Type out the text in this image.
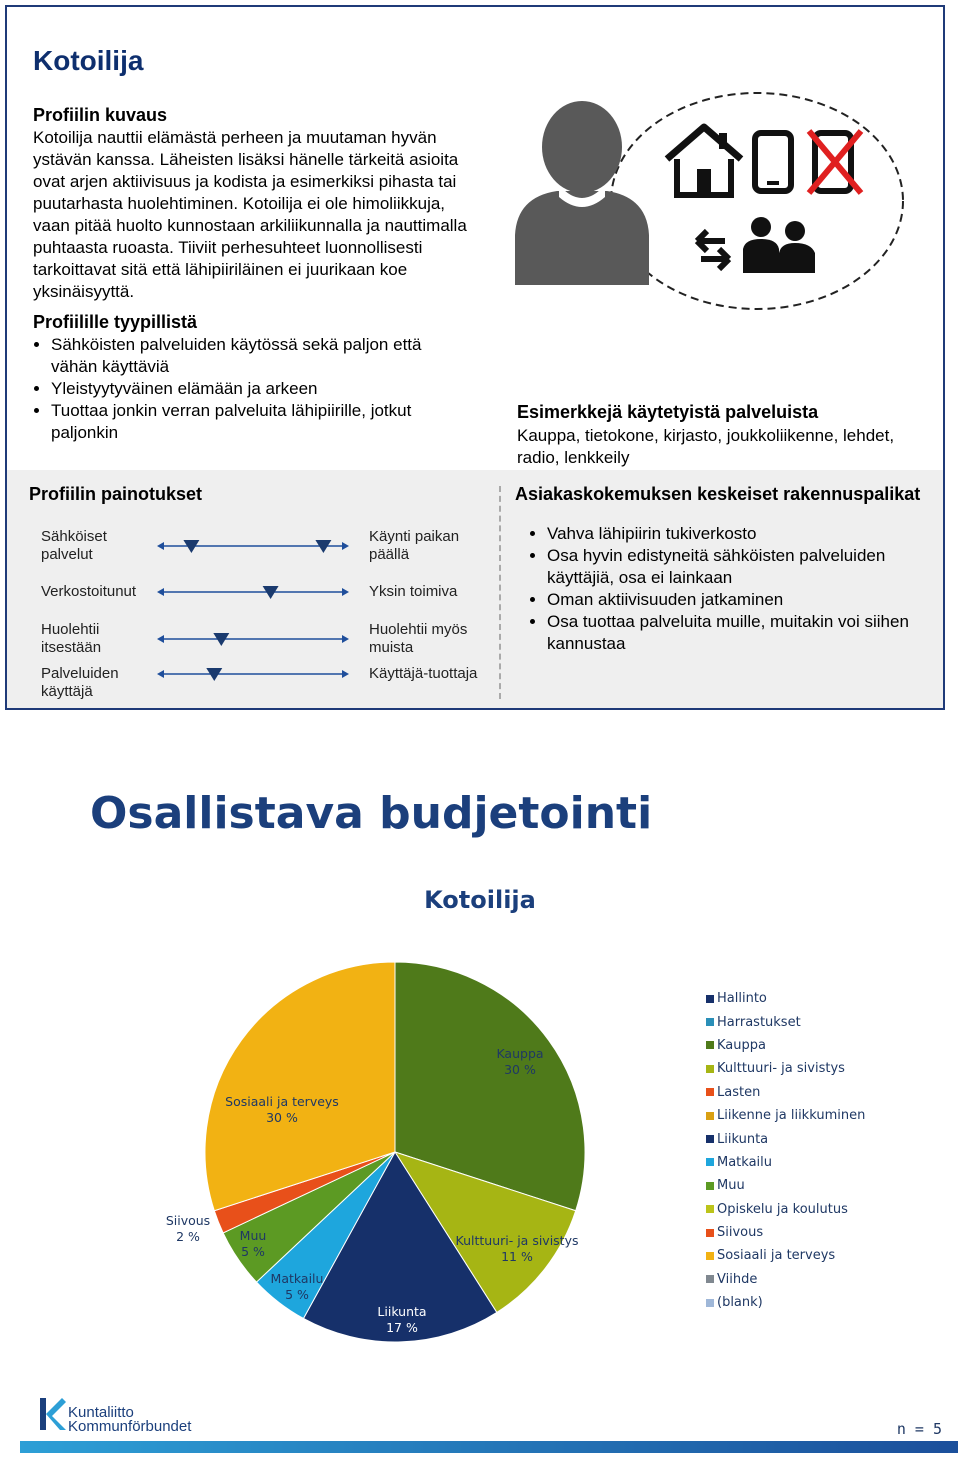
Kotoilija
Profiilin kuvaus
Kotoilija nauttii elämästä perheen ja muutaman hyvän ystävän kanssa. Läheisten lisäksi hänelle tärkeitä asioita ovat arjen aktiivisuus ja kodista ja esimerkiksi pihasta tai puutarhasta huolehtiminen. Kotoilija ei ole himoliikkuja, vaan pitää huolto kunnostaan arkiliikunnalla ja nauttimalla puhtaasta ruoasta. Tiiviit perhesuhteet luonnollisesti tarkoittavat sitä että lähipiiriläinen ei juurikaan koe yksinäisyyttä.
Profiilille tyypillistä
• Sähköisten palveluiden käytössä sekä paljon että vähän käyttäviä
• Yleistyytyväinen elämään ja arkeen
• Tuottaa jonkin verran palveluita lähipiirille, jotkut paljonkin
Esimerkkejä käytetyistä palveluista
Kauppa, tietokone, kirjasto, joukkoliikenne, lehdet, radio, lenkkeily
Profiilin painotukset	Asiakaskokemuksen keskeiset rakennuspalikat
Sähköiset palvelut
Käynti paikan päällä
Verkostoitunut	Yksin toimiva
Huolehtii itsestään
Huolehtii myös muista
Palveluiden käyttäjä
Käyttäjä-tuottaja
• Vahva lähipiirin tukiverkosto
• Osa hyvin edistyneitä sähköisten palveluiden käyttäjiä, osa ei lainkaan
• Oman aktiivisuuden jatkaminen
• Osa tuottaa palveluita muille, muitakin voi siihen kannustaa
Osallistava budjetointi
Kotoilija
Kauppa
30 %
Kulttuuri- ja sivistys
11 %
Liikunta
17 %
Matkailu
5 %
Muu
5 %
Siivous
2 %
Sosiaali ja terveys
30 %
Hallinto
Harrastukset
Kauppa
Kulttuuri- ja sivistys
Lasten
Liikenne ja liikkuminen
Liikunta
Matkailu
Muu
Opiskelu ja koulutus
Siivous
Sosiaali ja terveys
Viihde
(blank)
Kuntaliitto
Kommunförbundet	n = 5
